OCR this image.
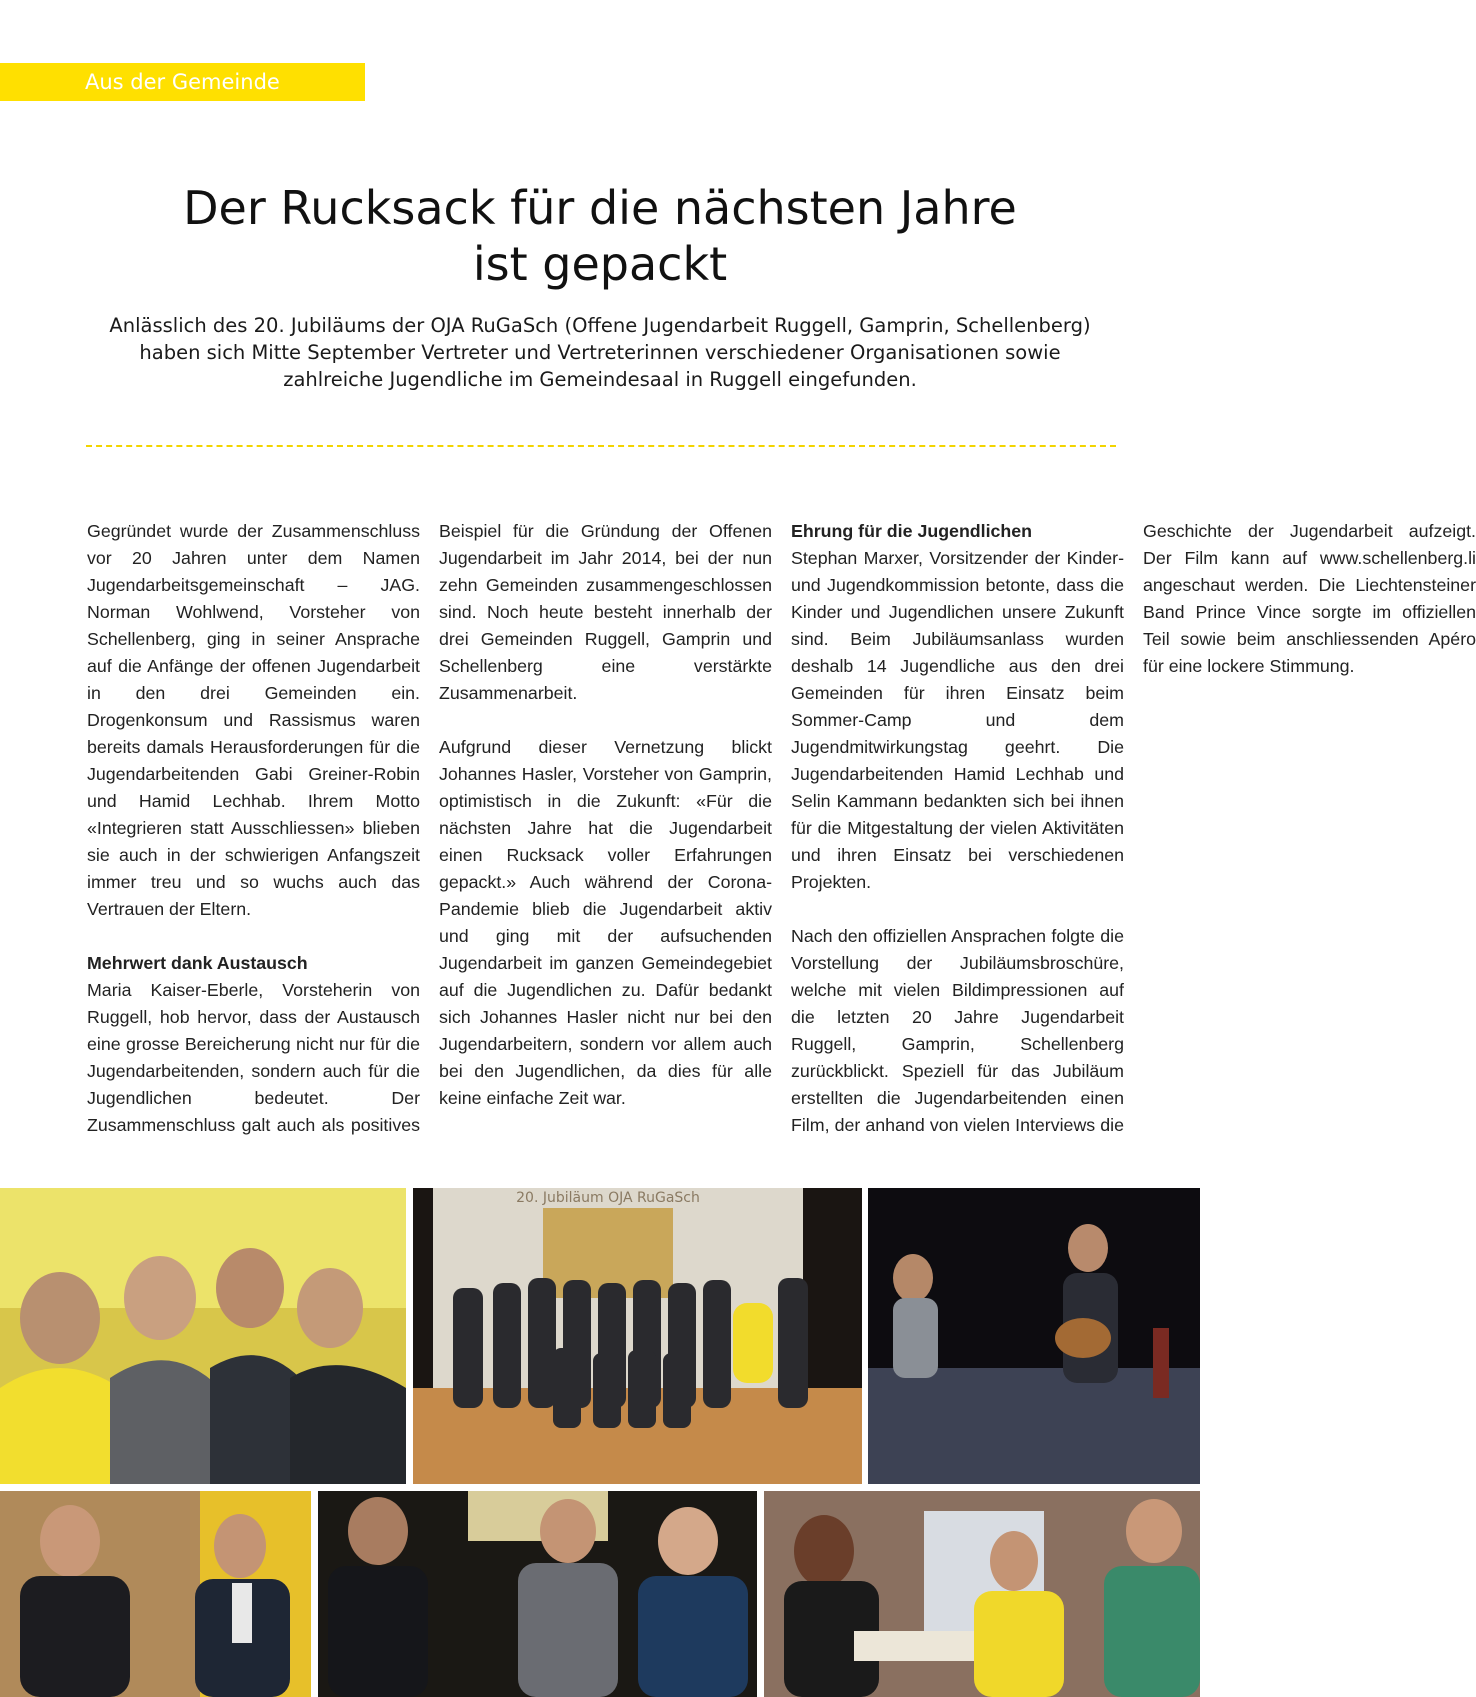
Aus der Gemeinde
Der Rucksack für die nächsten Jahre
ist gepackt

Anlässlich des 20. Jubiläums der OJA RuGaSch (Offene Jugendarbeit Ruggell, Gamprin, Schellenberg) haben sich Mitte September Vertreter und Vertreterinnen verschiedener Organisationen sowie zahlreiche Jugendliche im Gemeindesaal in Ruggell eingefunden.

Gegründet wurde der Zusammenschluss vor 20 Jahren unter dem Namen Jugendarbeitsgemeinschaft – JAG. Norman Wohlwend, Vorsteher von Schellenberg, ging in seiner Ansprache auf die Anfänge der offenen Jugendarbeit in den drei Gemeinden ein. Drogenkonsum und Rassismus waren bereits damals Herausforderungen für die Jugendarbeitenden Gabi Greiner-Robin und Hamid Lechhab. Ihrem Motto «Integrieren statt Ausschliessen» blieben sie auch in der schwierigen Anfangszeit immer treu und so wuchs auch das Vertrauen der Eltern.

Mehrwert dank Austausch

Maria Kaiser-Eberle, Vorsteherin von Ruggell, hob hervor, dass der Austausch eine grosse Bereicherung nicht nur für die Jugendarbeitenden, sondern auch für die Jugendlichen bedeutet. Der Zusammenschluss galt auch als positives Beispiel für die Gründung der Offenen Jugendarbeit im Jahr 2014, bei der nun zehn Gemeinden zusammengeschlossen sind. Noch heute besteht innerhalb der drei Gemeinden Ruggell, Gamprin und Schellenberg eine verstärkte Zusammenarbeit.

Aufgrund dieser Vernetzung blickt Johannes Hasler, Vorsteher von Gamprin, optimistisch in die Zukunft: «Für die nächsten Jahre hat die Jugendarbeit einen Rucksack voller Erfahrungen gepackt.» Auch während der Corona-Pandemie blieb die Jugendarbeit aktiv und ging mit der aufsuchenden Jugendarbeit im ganzen Gemeindegebiet auf die Jugendlichen zu. Dafür bedankt sich Johannes Hasler nicht nur bei den Jugendarbeitern, sondern vor allem auch bei den Jugendlichen, da dies für alle keine einfache Zeit war.

Ehrung für die Jugendlichen

Stephan Marxer, Vorsitzender der Kinder- und Jugendkommission betonte, dass die Kinder und Jugendlichen unsere Zukunft sind. Beim Jubiläumsanlass wurden deshalb 14 Jugendliche aus den drei Gemeinden für ihren Einsatz beim Sommer-Camp und dem Jugendmitwirkungstag geehrt. Die Jugendarbeitenden Hamid Lechhab und Selin Kammann bedankten sich bei ihnen für die Mitgestaltung der vielen Aktivitäten und ihren Einsatz bei verschiedenen Projekten.

Nach den offiziellen Ansprachen folgte die Vorstellung der Jubiläumsbroschüre, welche mit vielen Bildimpressionen auf die letzten 20 Jahre Jugendarbeit Ruggell, Gamprin, Schellenberg zurückblickt. Speziell für das Jubiläum erstellten die Jugendarbeitenden einen Film, der anhand von vielen Interviews die Geschichte der Jugendarbeit aufzeigt. Der Film kann auf www.schellenberg.li angeschaut werden. Die Liechtensteiner Band Prince Vince sorgte im offiziellen Teil sowie beim anschliessenden Apéro für eine lockere Stimmung.

20. Jubiläum OJA RuGaSch
